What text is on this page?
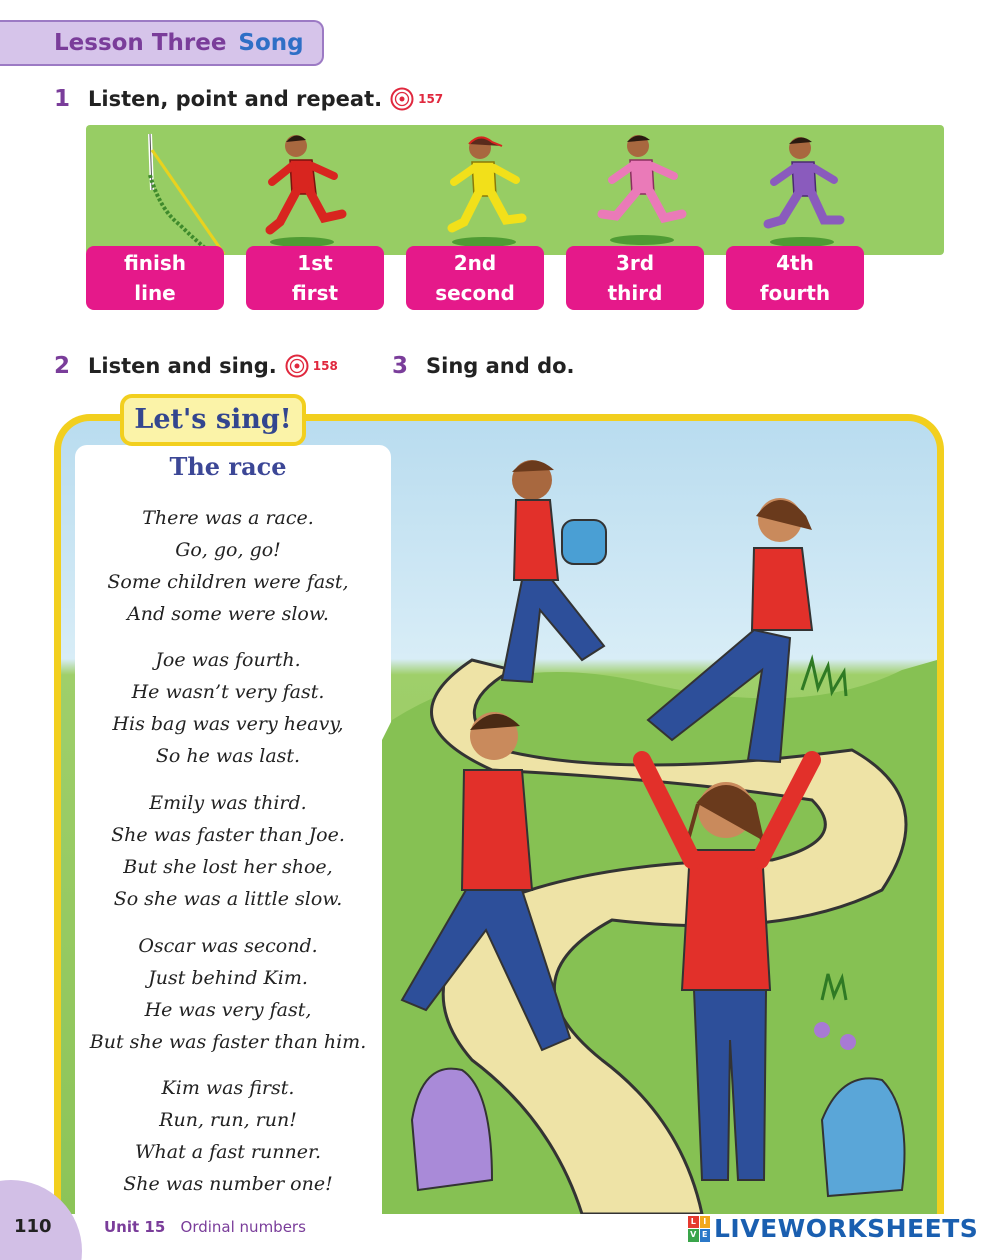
Lesson Three Song
1 Listen, point and repeat.	157
finish
line
1st
first
2nd
second
3rd
third
4th
fourth
2 Listen and sing.	158 3 Sing and do.
Let's sing!
The race
There was a race.
Go, go, go!
Some children were fast,
And some were slow.
Joe was fourth.
He wasn’t very fast.
His bag was very heavy,
So he was last.
Emily was third.
She was faster than Joe.
But she lost her shoe,
So she was a little slow.
Oscar was second.
Just behind Kim.
He was very fast,
But she was faster than him.
Kim was first.
Run, run, run!
What a fast runner.
She was number one!
110	Unit 15 Ordinal numbers	L I
V E LIVEWORKSHEETS
